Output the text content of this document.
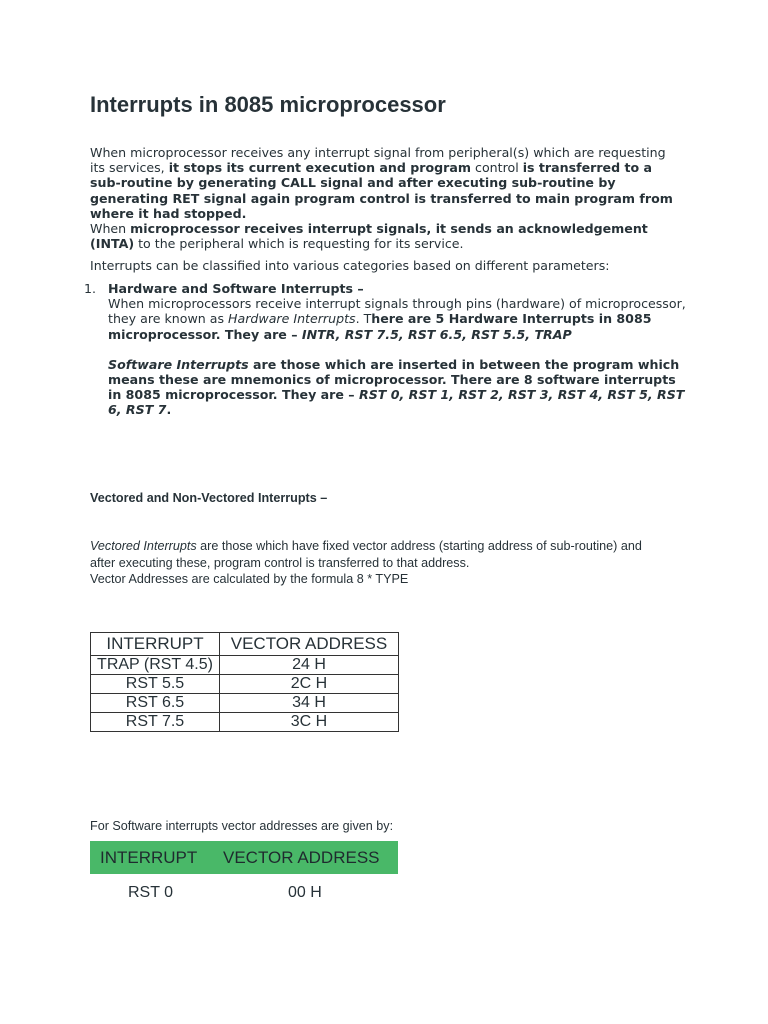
Interrupts in 8085 microprocessor
When microprocessor receives any interrupt signal from peripheral(s) which are requesting its services, it stops its current execution and program control is transferred to a sub-routine by generating CALL signal and after executing sub-routine by generating RET signal again program control is transferred to main program from where it had stopped.
When microprocessor receives interrupt signals, it sends an acknowledgement (INTA) to the peripheral which is requesting for its service.
Interrupts can be classified into various categories based on different parameters:
1. Hardware and Software Interrupts –
When microprocessors receive interrupt signals through pins (hardware) of microprocessor, they are known as Hardware Interrupts. There are 5 Hardware Interrupts in 8085 microprocessor. They are – INTR, RST 7.5, RST 6.5, RST 5.5, TRAP
Software Interrupts are those which are inserted in between the program which means these are mnemonics of microprocessor. There are 8 software interrupts in 8085 microprocessor. They are – RST 0, RST 1, RST 2, RST 3, RST 4, RST 5, RST 6, RST 7.
Vectored and Non-Vectored Interrupts –
Vectored Interrupts are those which have fixed vector address (starting address of sub-routine) and after executing these, program control is transferred to that address.
Vector Addresses are calculated by the formula 8 * TYPE
INTERRUPT	VECTOR ADDRESS
TRAP (RST 4.5)	24 H
RST 5.5	2C H
RST 6.5	34 H
RST 7.5	3C H
For Software interrupts vector addresses are given by:
INTERRUPT VECTOR ADDRESS
RST 0	00 H
